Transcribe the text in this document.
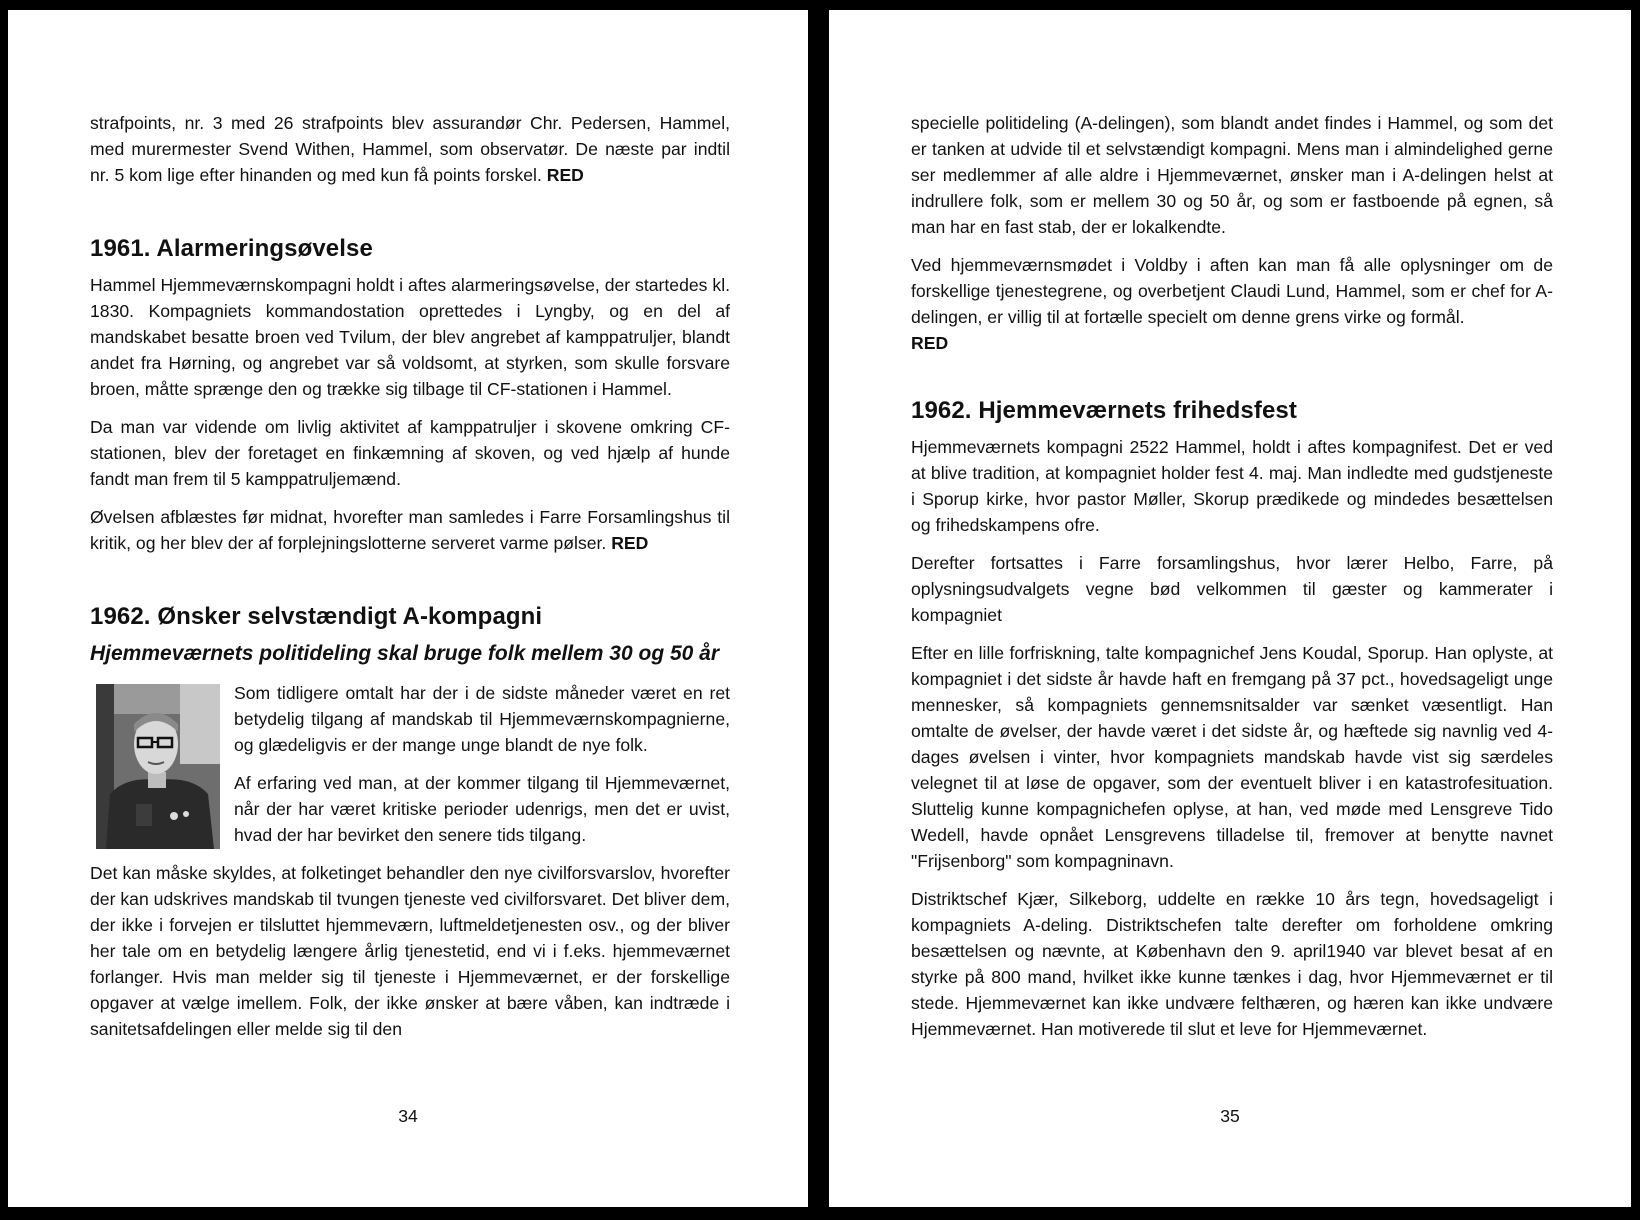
strafpoints, nr. 3 med 26 strafpoints blev assurandør Chr. Pedersen, Hammel, med murermester Svend Withen, Hammel, som observatør. De næste par indtil nr. 5 kom lige efter hinanden og med kun få points forskel. RED

1961. Alarmeringsøvelse

Hammel Hjemmeværnskompagni holdt i aftes alarmeringsøvelse, der startedes kl. 1830. Kompagniets kommandostation oprettedes i Lyngby, og en del af mandskabet besatte broen ved Tvilum, der blev angrebet af kamppatruljer, blandt andet fra Hørning, og angrebet var så voldsomt, at styrken, som skulle forsvare broen, måtte sprænge den og trække sig tilbage til CF-stationen i Hammel.

Da man var vidende om livlig aktivitet af kamppatruljer i skovene omkring CF-stationen, blev der foretaget en finkæmning af skoven, og ved hjælp af hunde fandt man frem til 5 kamppatruljemænd.

Øvelsen afblæstes før midnat, hvorefter man samledes i Farre Forsamlingshus til kritik, og her blev der af forplejningslotterne serveret varme pølser. RED

1962. Ønsker selvstændigt A-kompagni
Hjemmeværnets politideling skal bruge folk mellem 30 og 50 år

Som tidligere omtalt har der i de sidste måneder været en ret betydelig tilgang af mandskab til Hjemmeværnskompagnierne, og glædeligvis er der mange unge blandt de nye folk.

Af erfaring ved man, at der kommer tilgang til Hjemmeværnet, når der har været kritiske perioder udenrigs, men det er uvist, hvad der har bevirket den senere tids tilgang.

Det kan måske skyldes, at folketinget behandler den nye civilforsvarslov, hvorefter der kan udskrives mandskab til tvungen tjeneste ved civilforsvaret. Det bliver dem, der ikke i forvejen er tilsluttet hjemmeværn, luftmeldetjenesten osv., og der bliver her tale om en betydelig længere årlig tjenestetid, end vi i f.eks. hjemmeværnet forlanger. Hvis man melder sig til tjeneste i Hjemmeværnet, er der forskellige opgaver at vælge imellem. Folk, der ikke ønsker at bære våben, kan indtræde i sanitetsafdelingen eller melde sig til den

34

specielle politideling (A-delingen), som blandt andet findes i Hammel, og som det er tanken at udvide til et selvstændigt kompagni. Mens man i almindelighed gerne ser medlemmer af alle aldre i Hjemmeværnet, ønsker man i A-delingen helst at indrullere folk, som er mellem 30 og 50 år, og som er fastboende på egnen, så man har en fast stab, der er lokalkendte.

Ved hjemmeværnsmødet i Voldby i aften kan man få alle oplysninger om de forskellige tjenestegrene, og overbetjent Claudi Lund, Hammel, som er chef for A-delingen, er villig til at fortælle specielt om denne grens virke og formål.
RED

1962. Hjemmeværnets frihedsfest

Hjemmeværnets kompagni 2522 Hammel, holdt i aftes kompagnifest. Det er ved at blive tradition, at kompagniet holder fest 4. maj. Man indledte med gudstjeneste i Sporup kirke, hvor pastor Møller, Skorup prædikede og mindedes besættelsen og frihedskampens ofre.

Derefter fortsattes i Farre forsamlingshus, hvor lærer Helbo, Farre, på oplysningsudvalgets vegne bød velkommen til gæster og kammerater i kompagniet

Efter en lille forfriskning, talte kompagnichef Jens Koudal, Sporup. Han oplyste, at kompagniet i det sidste år havde haft en fremgang på 37 pct., hovedsageligt unge mennesker, så kompagniets gennemsnitsalder var sænket væsentligt. Han omtalte de øvelser, der havde været i det sidste år, og hæftede sig navnlig ved 4-dages øvelsen i vinter, hvor kompagniets mandskab havde vist sig særdeles velegnet til at løse de opgaver, som der eventuelt bliver i en katastrofesituation. Sluttelig kunne kompagnichefen oplyse, at han, ved møde med Lensgreve Tido Wedell, havde opnået Lensgrevens tilladelse til, fremover at benytte navnet "Frijsenborg" som kompagninavn.

Distriktschef Kjær, Silkeborg, uddelte en række 10 års tegn, hovedsageligt i kompagniets A-deling. Distriktschefen talte derefter om forholdene omkring besættelsen og nævnte, at København den 9. april1940 var blevet besat af en styrke på 800 mand, hvilket ikke kunne tænkes i dag, hvor Hjemmeværnet er til stede. Hjemmeværnet kan ikke undvære felthæren, og hæren kan ikke undvære Hjemmeværnet. Han motiverede til slut et leve for Hjemmeværnet.

35
